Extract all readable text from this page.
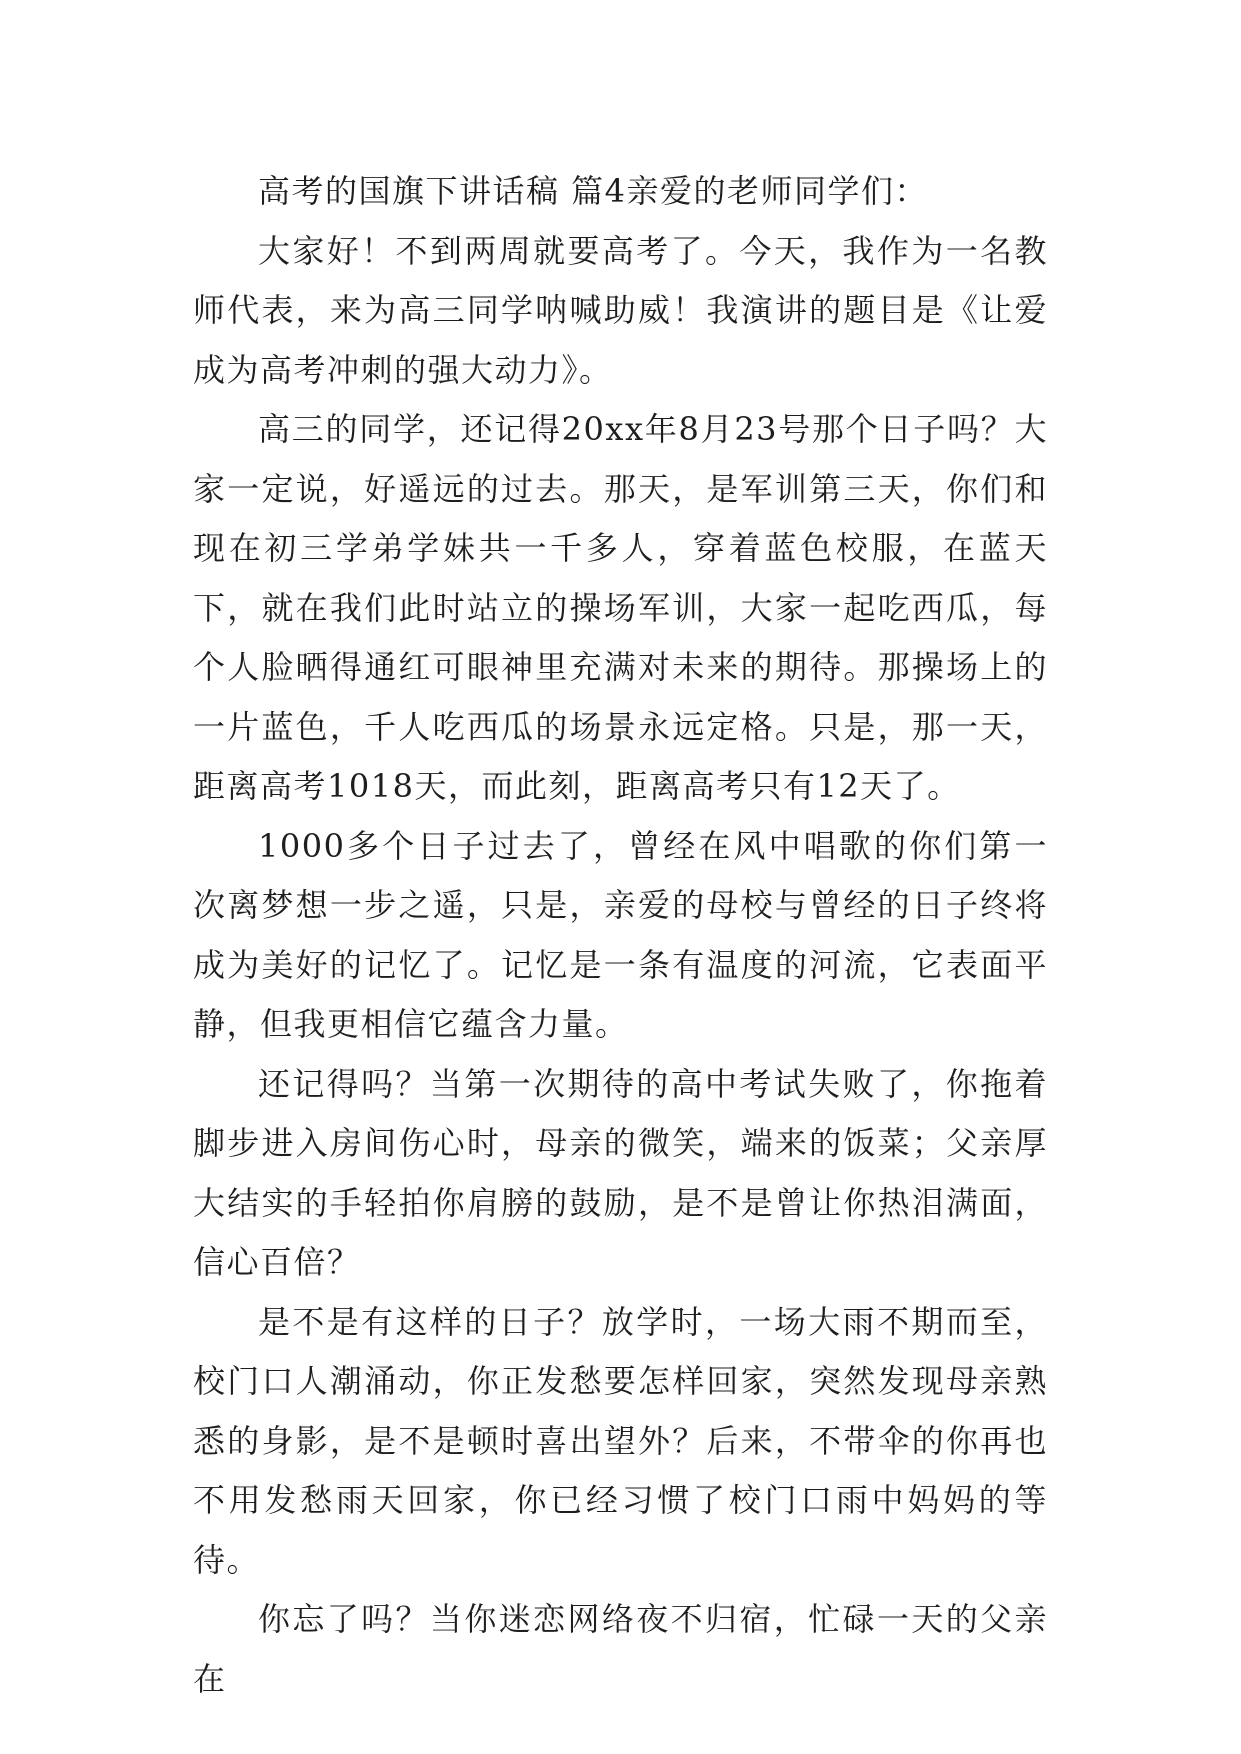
高考的国旗下讲话稿 篇4亲爱的老师同学们：

大家好！不到两周就要高考了。今天，我作为一名教师代表，来为高三同学呐喊助威！我演讲的题目是《让爱成为高考冲刺的强大动力》。

高三的同学，还记得20xx年8月23号那个日子吗？大家一定说，好遥远的过去。那天，是军训第三天，你们和现在初三学弟学妹共一千多人，穿着蓝色校服，在蓝天下，就在我们此时站立的操场军训，大家一起吃西瓜，每个人脸晒得通红可眼神里充满对未来的期待。那操场上的一片蓝色，千人吃西瓜的场景永远定格。只是，那一天，距离高考1018天，而此刻，距离高考只有12天了。

1000多个日子过去了，曾经在风中唱歌的你们第一次离梦想一步之遥，只是，亲爱的母校与曾经的日子终将成为美好的记忆了。记忆是一条有温度的河流，它表面平静，但我更相信它蕴含力量。

还记得吗？当第一次期待的高中考试失败了，你拖着脚步进入房间伤心时，母亲的微笑，端来的饭菜；父亲厚大结实的手轻拍你肩膀的鼓励，是不是曾让你热泪满面，信心百倍？

是不是有这样的日子？放学时，一场大雨不期而至，校门口人潮涌动，你正发愁要怎样回家，突然发现母亲熟悉的身影，是不是顿时喜出望外？后来，不带伞的你再也不用发愁雨天回家，你已经习惯了校门口雨中妈妈的等待。

你忘了吗？当你迷恋网络夜不归宿，忙碌一天的父亲在
